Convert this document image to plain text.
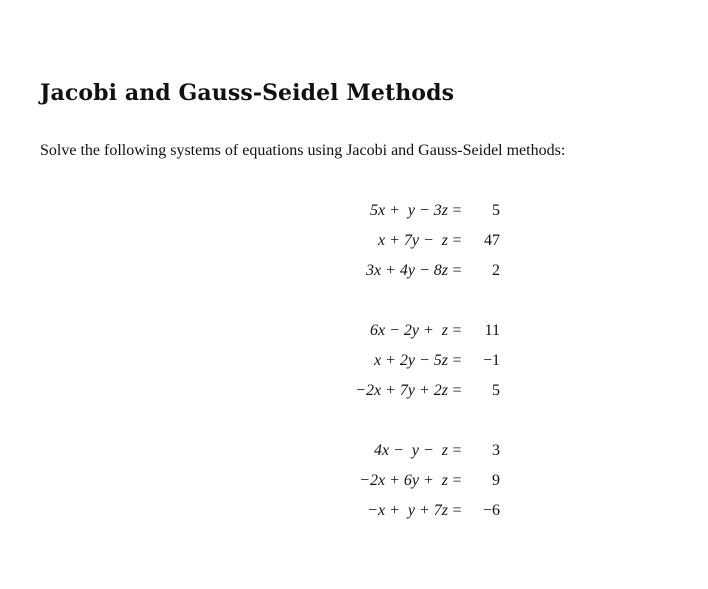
Jacobi and Gauss-Seidel Methods

Solve the following systems of equations using Jacobi and Gauss-Seidel methods:

5x +  y − 3z	=	5
x + 7y −  z	=	47
3x + 4y − 8z	=	2
6x − 2y +  z	=	11
x + 2y − 5z	=	−1
−2x + 7y + 2z	=	5
4x −  y −  z	=	3
−2x + 6y +  z	=	9
−x +  y + 7z	=	−6
